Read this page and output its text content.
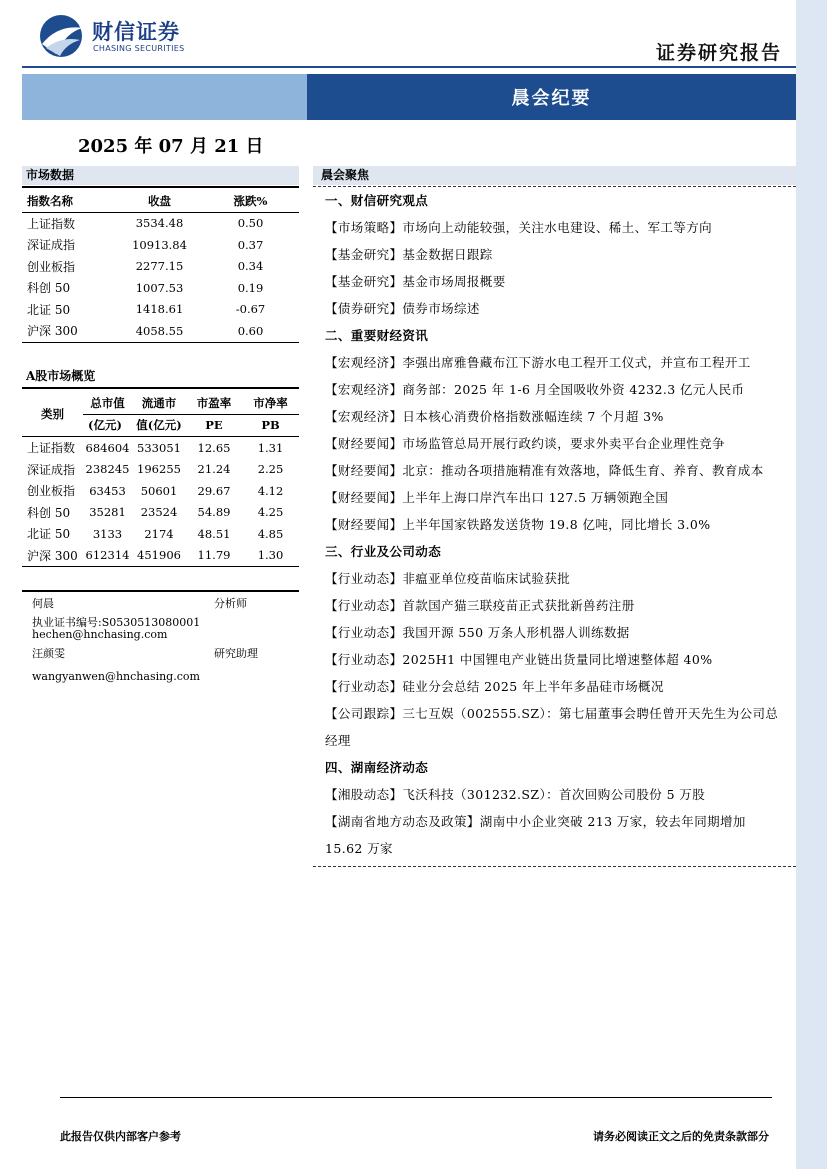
财信证券
CHASING SECURITIES	证券研究报告
晨会纪要
2025 年 07 月 21 日
市场数据
指数名称	收盘	涨跌%
上证指数	3534.48	0.50
深证成指	10913.84	0.37
创业板指	2277.15	0.34
科创 50	1007.53	0.19
北证 50	1418.61	-0.67
沪深 300	4058.55	0.60
A股市场概览
类别	总市值	流通市	市盈率	市净率
	(亿元)	值(亿元)	PE	PB
上证指数	684604	533051	12.65	1.31
深证成指	238245	196255	21.24	2.25
创业板指	63453	50601	29.67	4.12
科创 50	35281	23524	54.89	4.25
北证 50	3133	2174	48.51	4.85
沪深 300	612314	451906	11.79	1.30
何晨	分析师
执业证书编号:S0530513080001
hechen@hnchasing.com
汪颜雯	研究助理
wangyanwen@hnchasing.com
晨会聚焦
一、财信研究观点
【市场策略】市场向上动能较强，关注水电建设、稀土、军工等方向
【基金研究】基金数据日跟踪
【基金研究】基金市场周报概要
【债券研究】债券市场综述
二、重要财经资讯
【宏观经济】李强出席雅鲁藏布江下游水电工程开工仪式，并宣布工程开工
【宏观经济】商务部：2025 年 1-6 月全国吸收外资 4232.3 亿元人民币
【宏观经济】日本核心消费价格指数涨幅连续 7 个月超 3%
【财经要闻】市场监管总局开展行政约谈，要求外卖平台企业理性竞争
【财经要闻】北京：推动各项措施精准有效落地，降低生育、养育、教育成本
【财经要闻】上半年上海口岸汽车出口 127.5 万辆领跑全国
【财经要闻】上半年国家铁路发送货物 19.8 亿吨，同比增长 3.0%
三、行业及公司动态
【行业动态】非瘟亚单位疫苗临床试验获批
【行业动态】首款国产猫三联疫苗正式获批新兽药注册
【行业动态】我国开源 550 万条人形机器人训练数据
【行业动态】2025H1 中国锂电产业链出货量同比增速整体超 40%
【行业动态】硅业分会总结 2025 年上半年多晶硅市场概况
【公司跟踪】三七互娱（002555.SZ）：第七届董事会聘任曾开天先生为公司总经理
四、湖南经济动态
【湘股动态】飞沃科技（301232.SZ）：首次回购公司股份 5 万股
【湖南省地方动态及政策】湖南中小企业突破 213 万家，较去年同期增加 15.62 万家
此报告仅供内部客户参考	请务必阅读正文之后的免责条款部分
